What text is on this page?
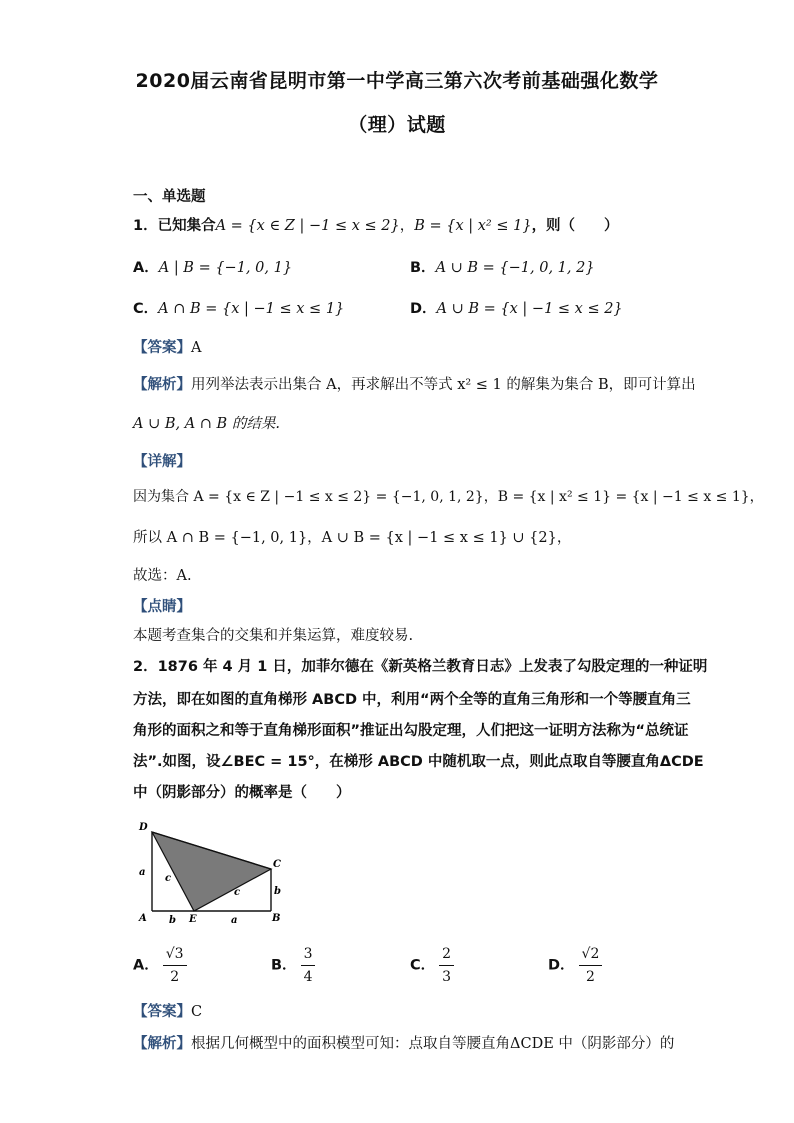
2020届云南省昆明市第一中学高三第六次考前基础强化数学
（理）试题
一、单选题
1．已知集合A = {x ∈ Z | −1 ≤ x ≤ 2}，B = {x | x² ≤ 1}，则（　　）
A．A | B = {−1, 0, 1}	B．A ∪ B = {−1, 0, 1, 2}
C．A ∩ B = {x | −1 ≤ x ≤ 1}	D．A ∪ B = {x | −1 ≤ x ≤ 2}
【答案】A
【解析】用列举法表示出集合 A，再求解出不等式 x² ≤ 1 的解集为集合 B，即可计算出
A ∪ B, A ∩ B 的结果.
【详解】
因为集合 A = {x ∈ Z | −1 ≤ x ≤ 2} = {−1, 0, 1, 2}，B = {x | x² ≤ 1} = {x | −1 ≤ x ≤ 1}，
所以 A ∩ B = {−1, 0, 1}，A ∪ B = {x | −1 ≤ x ≤ 1} ∪ {2}，
故选：A.
【点睛】
本题考查集合的交集和并集运算，难度较易.
2．1876 年 4 月 1 日，加菲尔德在《新英格兰教育日志》上发表了勾股定理的一种证明
方法，即在如图的直角梯形 ABCD 中，利用“两个全等的直角三角形和一个等腰直角三
角形的面积之和等于直角梯形面积”推证出勾股定理，人们把这一证明方法称为“总统证
法”.如图，设∠BEC = 15°，在梯形 ABCD 中随机取一点，则此点取自等腰直角ΔCDE
中（阴影部分）的概率是（　　）
D
C
A	E	B
a
c
c	b
b	a
A． $\frac{√3}{2}$	B． $\frac{3}{4}$	C． $\frac{2}{3}$	D． $\frac{√2}{2}$
【答案】C
【解析】根据几何概型中的面积模型可知：点取自等腰直角ΔCDE 中（阴影部分）的
